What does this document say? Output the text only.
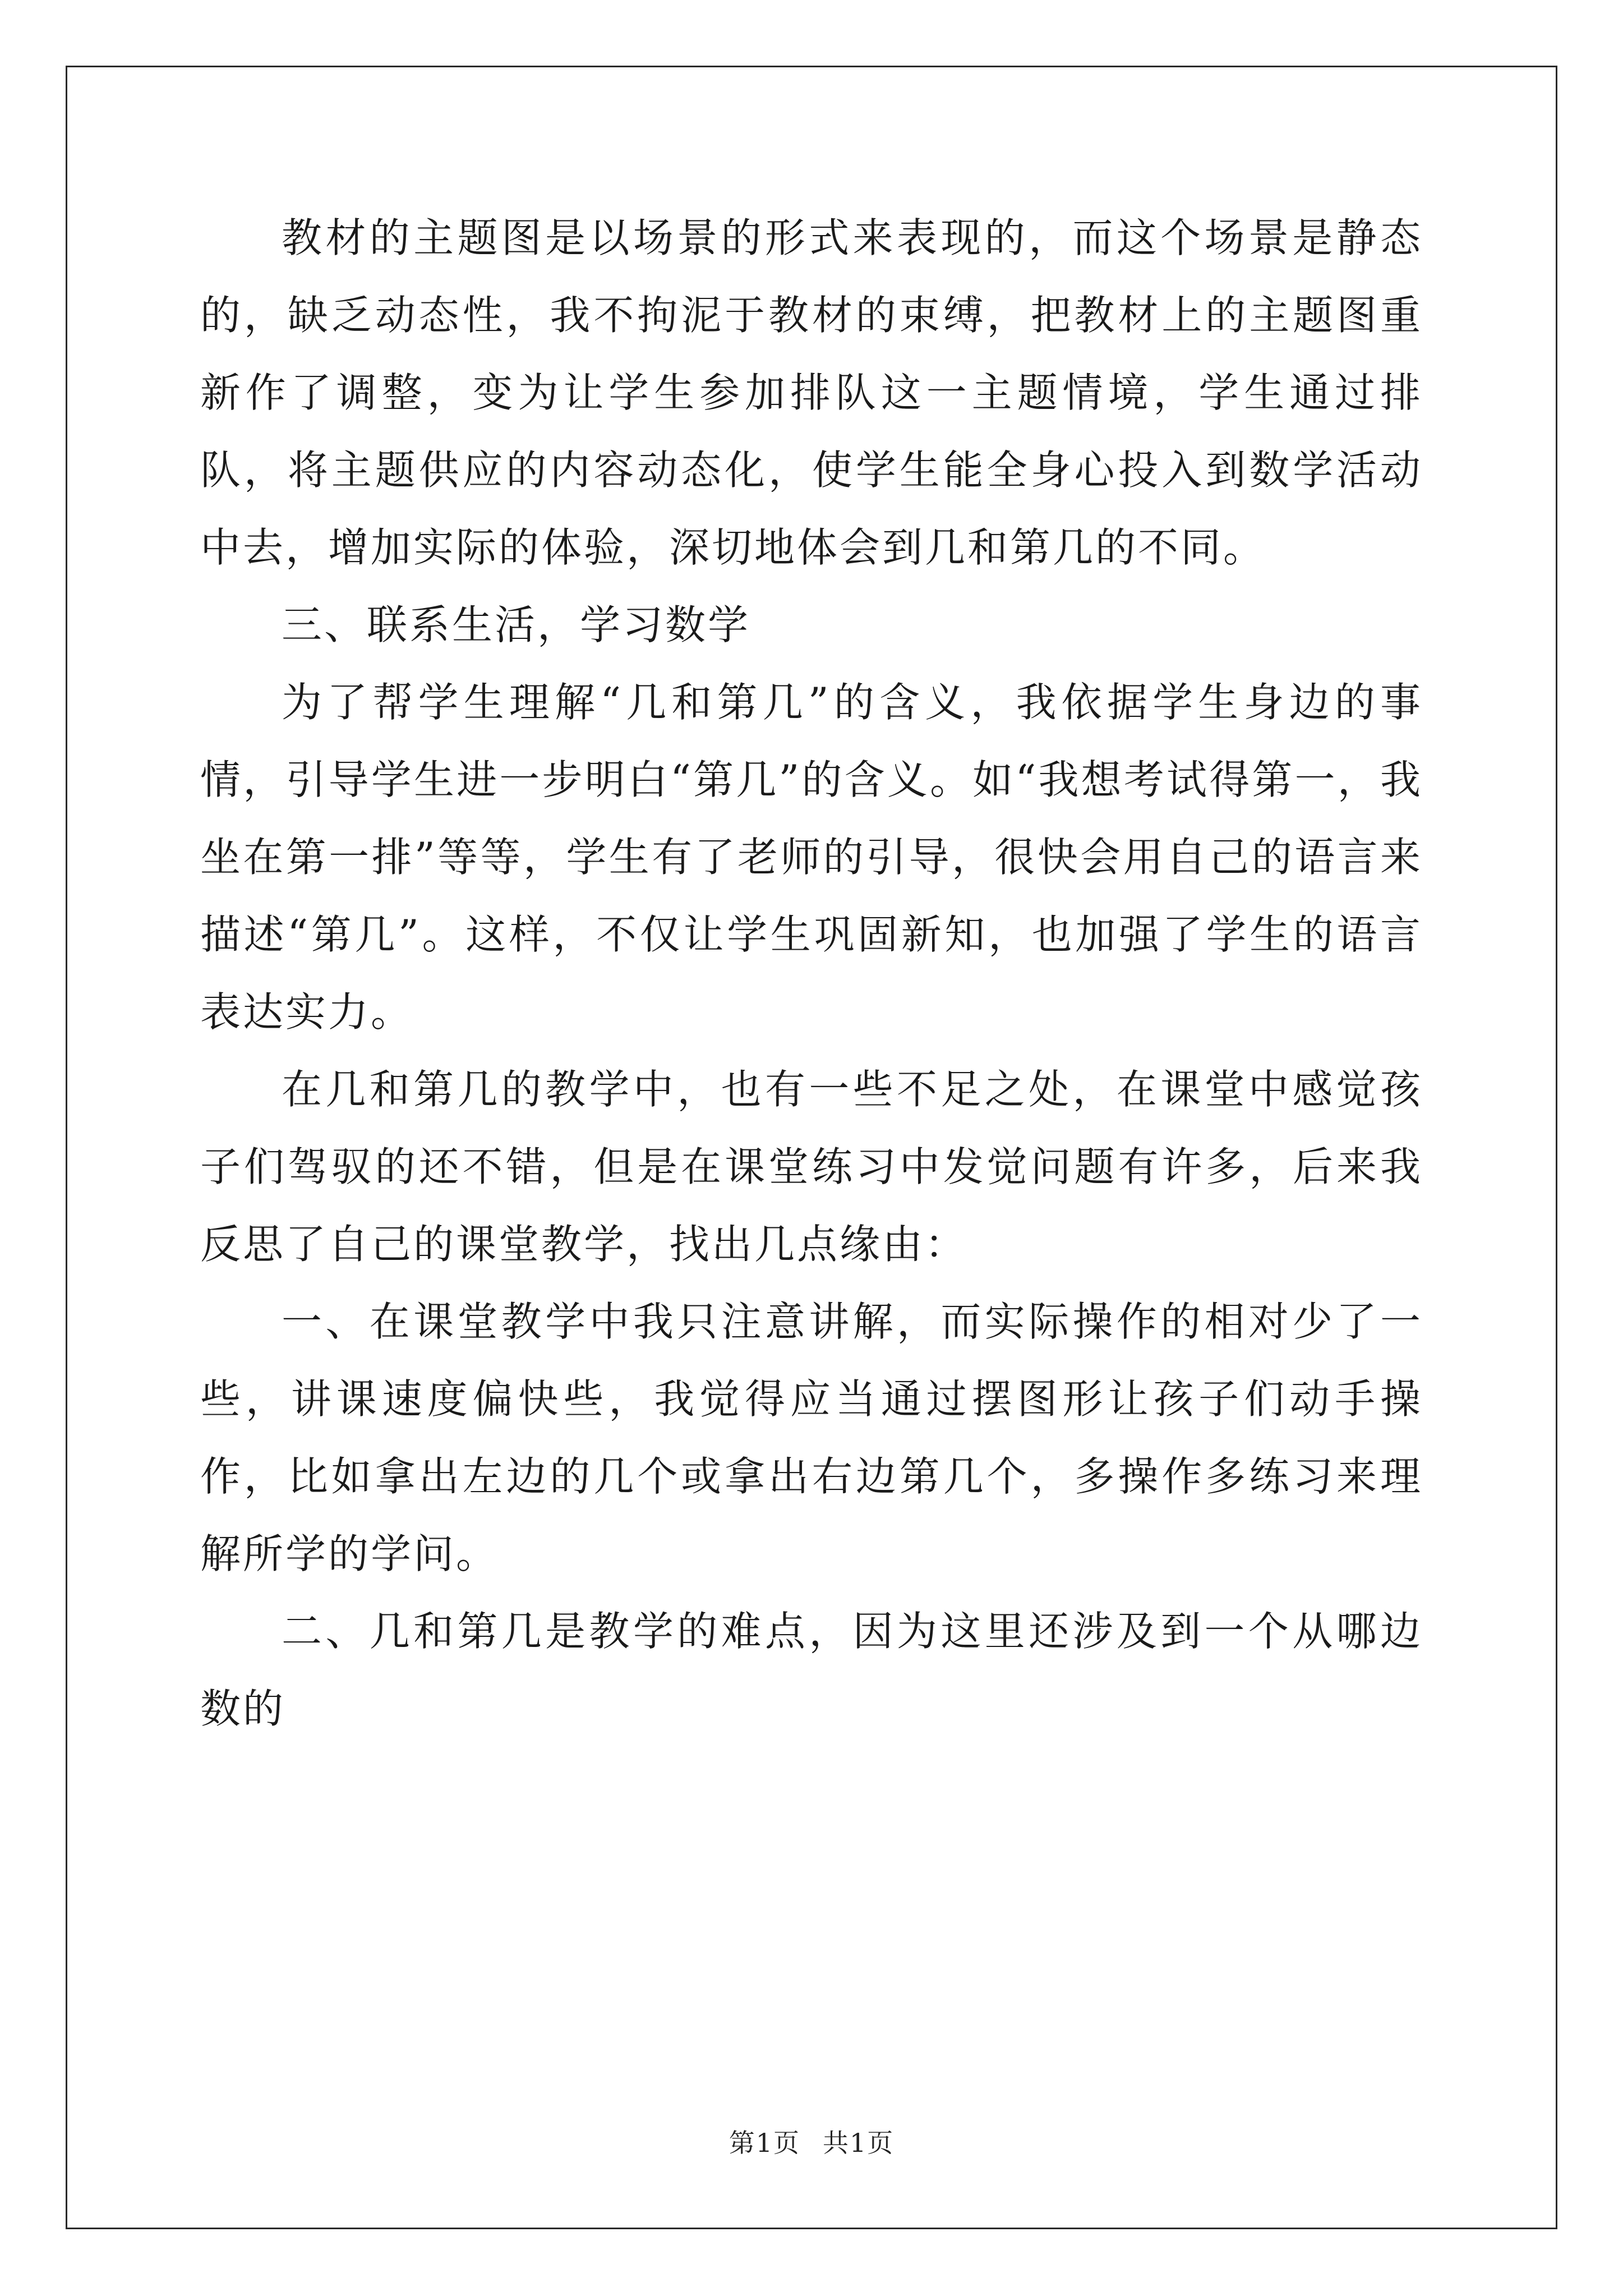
教材的主题图是以场景的形式来表现的，而这个场景是静态的，缺乏动态性，我不拘泥于教材的束缚，把教材上的主题图重新作了调整，变为让学生参加排队这一主题情境，学生通过排队，将主题供应的内容动态化，使学生能全身心投入到数学活动中去，增加实际的体验，深切地体会到几和第几的不同。

三、联系生活，学习数学

为了帮学生理解“几和第几”的含义，我依据学生身边的事情，引导学生进一步明白“第几”的含义。如“我想考试得第一，我坐在第一排”等等，学生有了老师的引导，很快会用自己的语言来描述“第几”。这样，不仅让学生巩固新知，也加强了学生的语言表达实力。

在几和第几的教学中，也有一些不足之处，在课堂中感觉孩子们驾驭的还不错，但是在课堂练习中发觉问题有许多，后来我反思了自己的课堂教学，找出几点缘由：

一、在课堂教学中我只注意讲解，而实际操作的相对少了一些，讲课速度偏快些，我觉得应当通过摆图形让孩子们动手操作，比如拿出左边的几个或拿出右边第几个，多操作多练习来理解所学的学问。

二、几和第几是教学的难点，因为这里还涉及到一个从哪边数的

第1页 共1页
